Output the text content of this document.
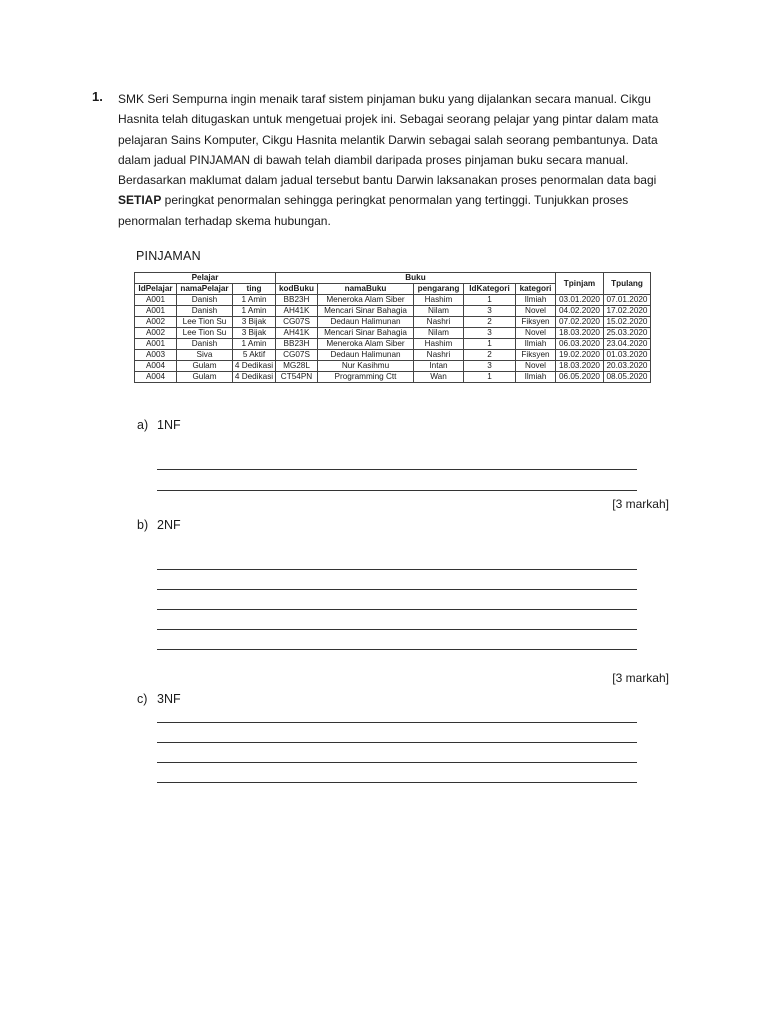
1. SMK Seri Sempurna ingin menaik taraf sistem pinjaman buku yang dijalankan secara manual. Cikgu Hasnita telah ditugaskan untuk mengetuai projek ini. Sebagai seorang pelajar yang pintar dalam mata pelajaran Sains Komputer, Cikgu Hasnita melantik Darwin sebagai salah seorang pembantunya. Data dalam jadual PINJAMAN di bawah telah diambil daripada proses pinjaman buku secara manual. Berdasarkan maklumat dalam jadual tersebut bantu Darwin laksanakan proses penormalan data bagi SETIAP peringkat penormalan sehingga peringkat penormalan yang tertinggi. Tunjukkan proses penormalan terhadap skema hubungan.

PINJAMAN
Pelajar			Buku					Tpinjam	Tpulang
IdPelajar	namaPelajar	ting	kodBuku	namaBuku	pengarang	IdKategori	kategori		
A001	Danish	1 Amin	BB23H	Meneroka Alam Siber	Hashim	1	Ilmiah	03.01.2020	07.01.2020
A001	Danish	1 Amin	AH41K	Mencari Sinar Bahagia	Nilam	3	Novel	04.02.2020	17.02.2020
A002	Lee Tion Su	3 Bijak	CG07S	Dedaun Halimunan	Nashri	2	Fiksyen	07.02.2020	15.02.2020
A002	Lee Tion Su	3 Bijak	AH41K	Mencari Sinar Bahagia	Nilam	3	Novel	18.03.2020	25.03.2020
A001	Danish	1 Amin	BB23H	Meneroka Alam Siber	Hashim	1	Ilmiah	06.03.2020	23.04.2020
A003	Siva	5 Aktif	CG07S	Dedaun Halimunan	Nashri	2	Fiksyen	19.02.2020	01.03.2020
A004	Gulam	4 Dedikasi	MG28L	Nur Kasihmu	Intan	3	Novel	18.03.2020	20.03.2020
A004	Gulam	4 Dedikasi	CT54PN	Programming Ctt	Wan	1	Ilmiah	06.05.2020	08.05.2020
a) 1NF
[3 markah]
b) 2NF
[3 markah]
c) 3NF
